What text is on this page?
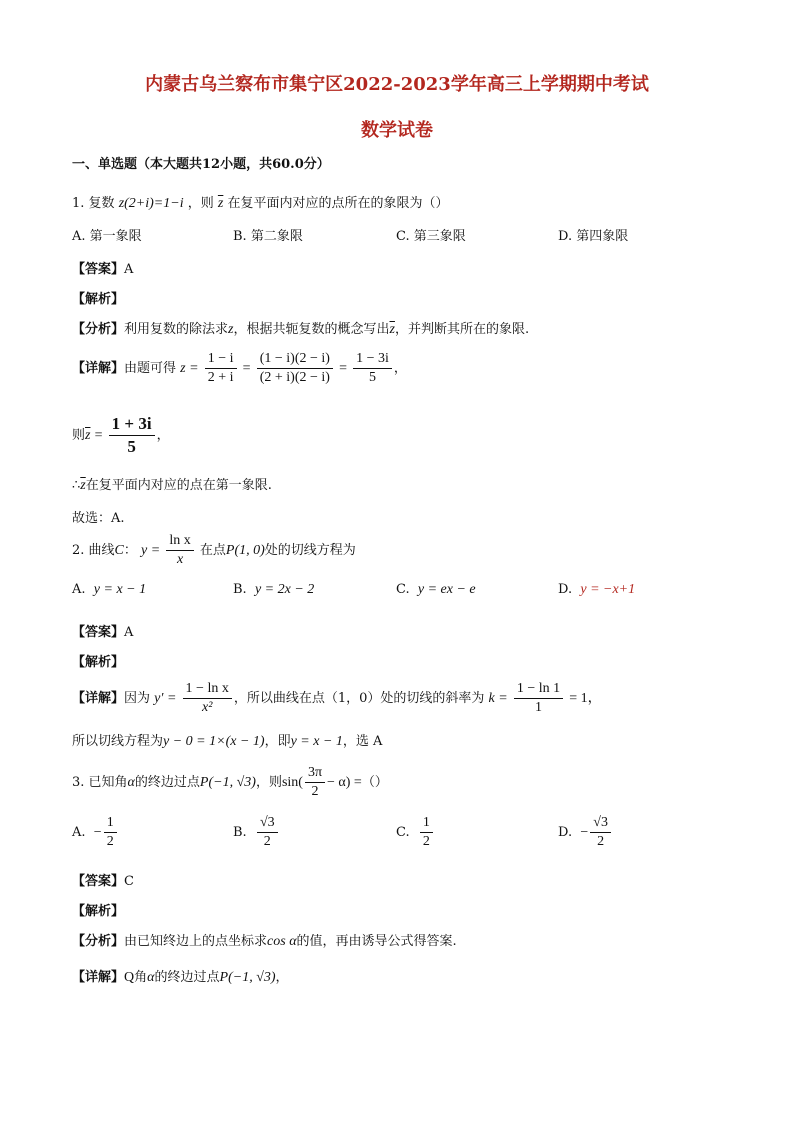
内蒙古乌兰察布市集宁区2022-2023学年高三上学期期中考试
数学试卷
一、单选题（本大题共12小题，共60.0分）
1. 复数 z(2+i)=1−i ，则 $\overline{z}$ 在复平面内对应的点所在的象限为（）
A. 第一象限	B. 第二象限	C. 第三象限	D. 第四象限
【答案】A
【解析】
【分析】利用复数的除法求z，根据共轭复数的概念写出$\overline{z}$，并判断其所在的象限.
【详解】由题可得 $z = \frac{1 - i}{2 + i} = \frac{(1 - i)(2 - i)}{(2 + i)(2 - i)} = \frac{1 - 3i}{5}$ ，
则$\overline{z} = \frac{1 + 3i}{5}$ ，
$\therefore\overline{z}$在复平面内对应的点在第一象限.
故选：A.
2. 曲线C： $y = \frac{\text{ln x}}{x}$ 在点P(1, 0)处的切线方程为
A. y = x − 1	B. y = 2x − 2	C. y = ex − e	D. y = −x+1
【答案】A
【解析】
【详解】因为 $y' = \frac{\text{1 − ln x}}{\text{x²}}$ ，所以曲线在点（1，0）处的切线的斜率为 $k = \frac{1 - \ln 1}{1} = 1$，
所以切线方程为y − 0 = 1×(x − 1)，即y = x − 1，选 A
3. 已知角α的终边过点P(−1, √3)，则$\sin( \frac{3\pi}{2} - \alpha)$ =（）
A. − $\frac{1}{2}$	B. $\frac{√3}{2}$	C. $\frac{1}{2}$	D. − $\frac{√3}{2}$
【答案】C
【解析】
【分析】由已知终边上的点坐标求cos α的值，再由诱导公式得答案.
【详解】Q角α的终边过点P(−1, √3)，
